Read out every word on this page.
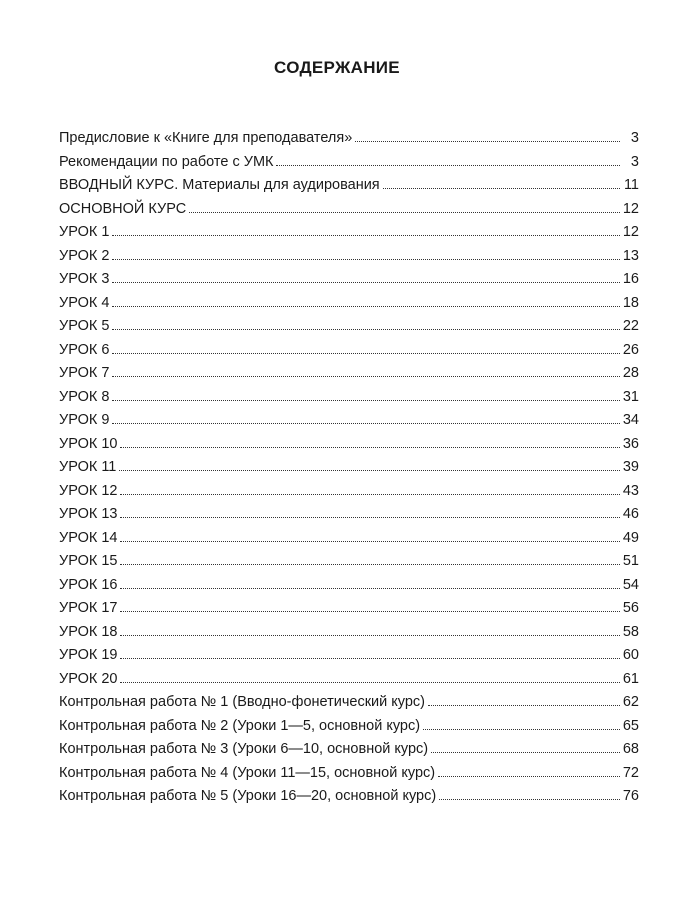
СОДЕРЖАНИЕ
Предисловие к «Книге для преподавателя»	3
Рекомендации по работе с УМК	3
ВВОДНЫЙ КУРС. Материалы для аудирования	11
ОСНОВНОЙ КУРС	12
УРОК 1	12
УРОК 2	13
УРОК 3	16
УРОК 4	18
УРОК 5	22
УРОК 6	26
УРОК 7	28
УРОК 8	31
УРОК 9	34
УРОК 10	36
УРОК 11	39
УРОК 12	43
УРОК 13	46
УРОК 14	49
УРОК 15	51
УРОК 16	54
УРОК 17	56
УРОК 18	58
УРОК 19	60
УРОК 20	61
Контрольная работа № 1 (Вводно-фонетический курс)	62
Контрольная работа № 2 (Уроки 1—5, основной курс)	65
Контрольная работа № 3 (Уроки 6—10, основной курс)	68
Контрольная работа № 4 (Уроки 11—15, основной курс)	72
Контрольная работа № 5 (Уроки 16—20, основной курс)	76
